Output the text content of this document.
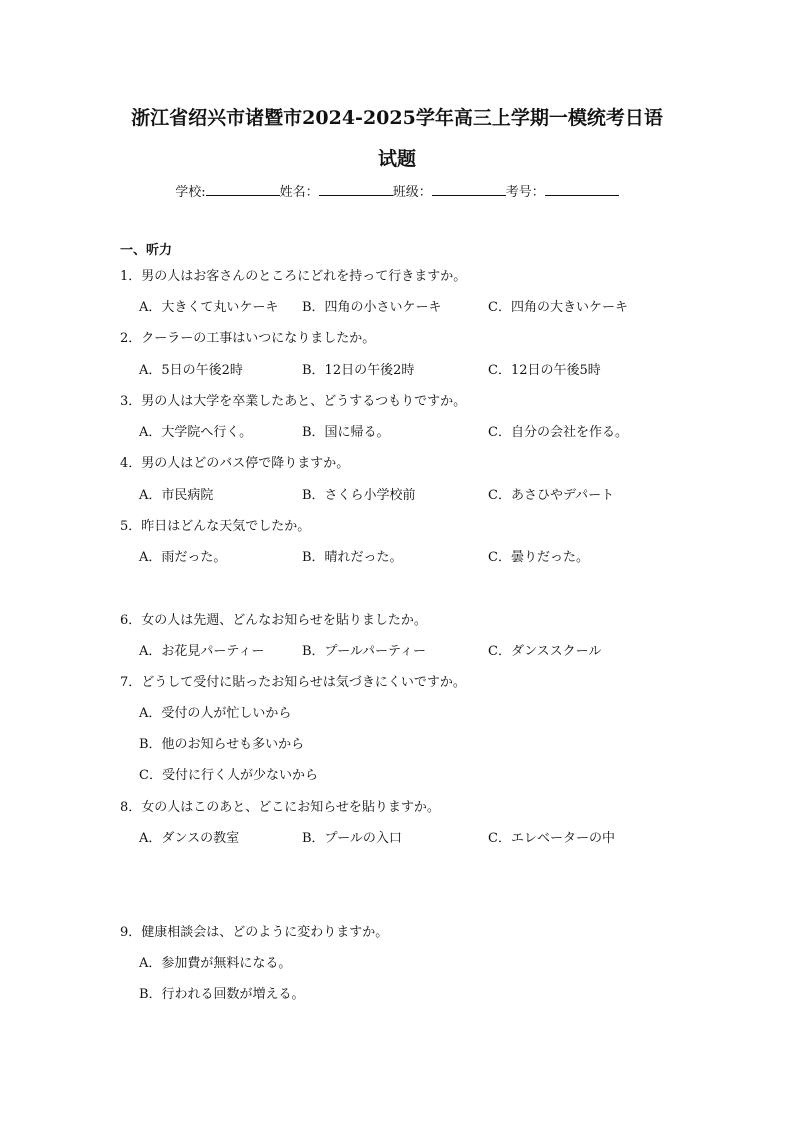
浙江省绍兴市诸暨市2024-2025学年高三上学期一模统考日语
试题
学校:	姓名：	班级：	考号：
一、听力
1．男の人はお客さんのところにどれを持って行きますか。
A．大きくて丸いケーキ B．四角の小さいケーキ	C．四角の大きいケーキ
2．クーラーの工事はいつになりましたか。
A．5日の午後2時	B．12日の午後2時	C．12日の午後5時
3．男の人は大学を卒業したあと、どうするつもりですか。
A．大学院へ行く。	B．国に帰る。	C．自分の会社を作る。
4．男の人はどのバス停で降りますか。
A．市民病院	B．さくら小学校前	C．あさひやデパート
5．昨日はどんな天気でしたか。
A．雨だった。	B．晴れだった。	C．曇りだった。
6．女の人は先週、どんなお知らせを貼りましたか。
A．お花見パーティー	B．プールパーティー	C．ダンススクール
7．どうして受付に貼ったお知らせは気づきにくいですか。
A．受付の人が忙しいから
B．他のお知らせも多いから
C．受付に行く人が少ないから
8．女の人はこのあと、どこにお知らせを貼りますか。
A．ダンスの教室	B．プールの入口	C．エレベーターの中
9．健康相談会は、どのように変わりますか。
A．参加費が無料になる。
B．行われる回数が増える。
